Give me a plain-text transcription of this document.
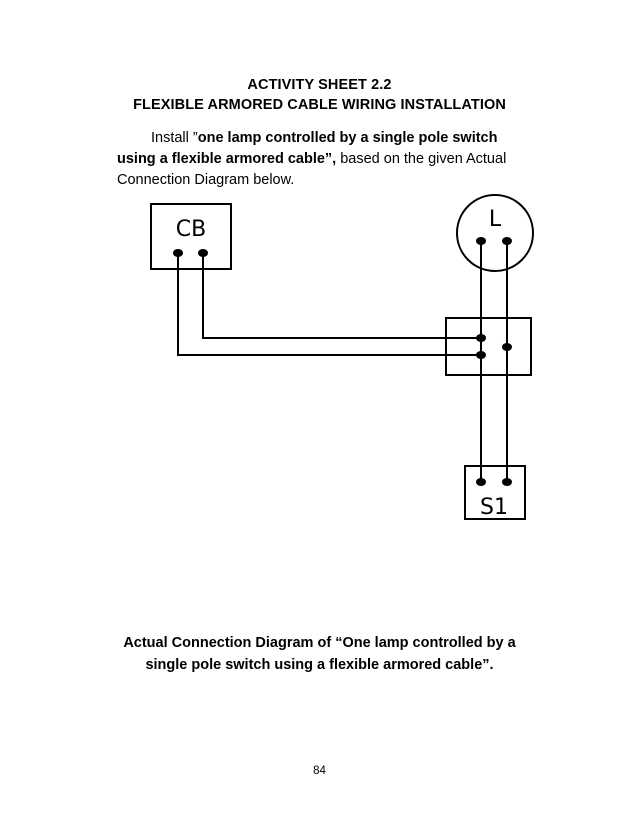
ACTIVITY SHEET 2.2
FLEXIBLE ARMORED CABLE WIRING INSTALLATION
Install ”one lamp controlled by a single pole switch
using a flexible armored cable”, based on the given Actual
Connection Diagram below.
CB	L
S1
Actual Connection Diagram of “One lamp controlled by a
single pole switch using a flexible armored cable”.
84
